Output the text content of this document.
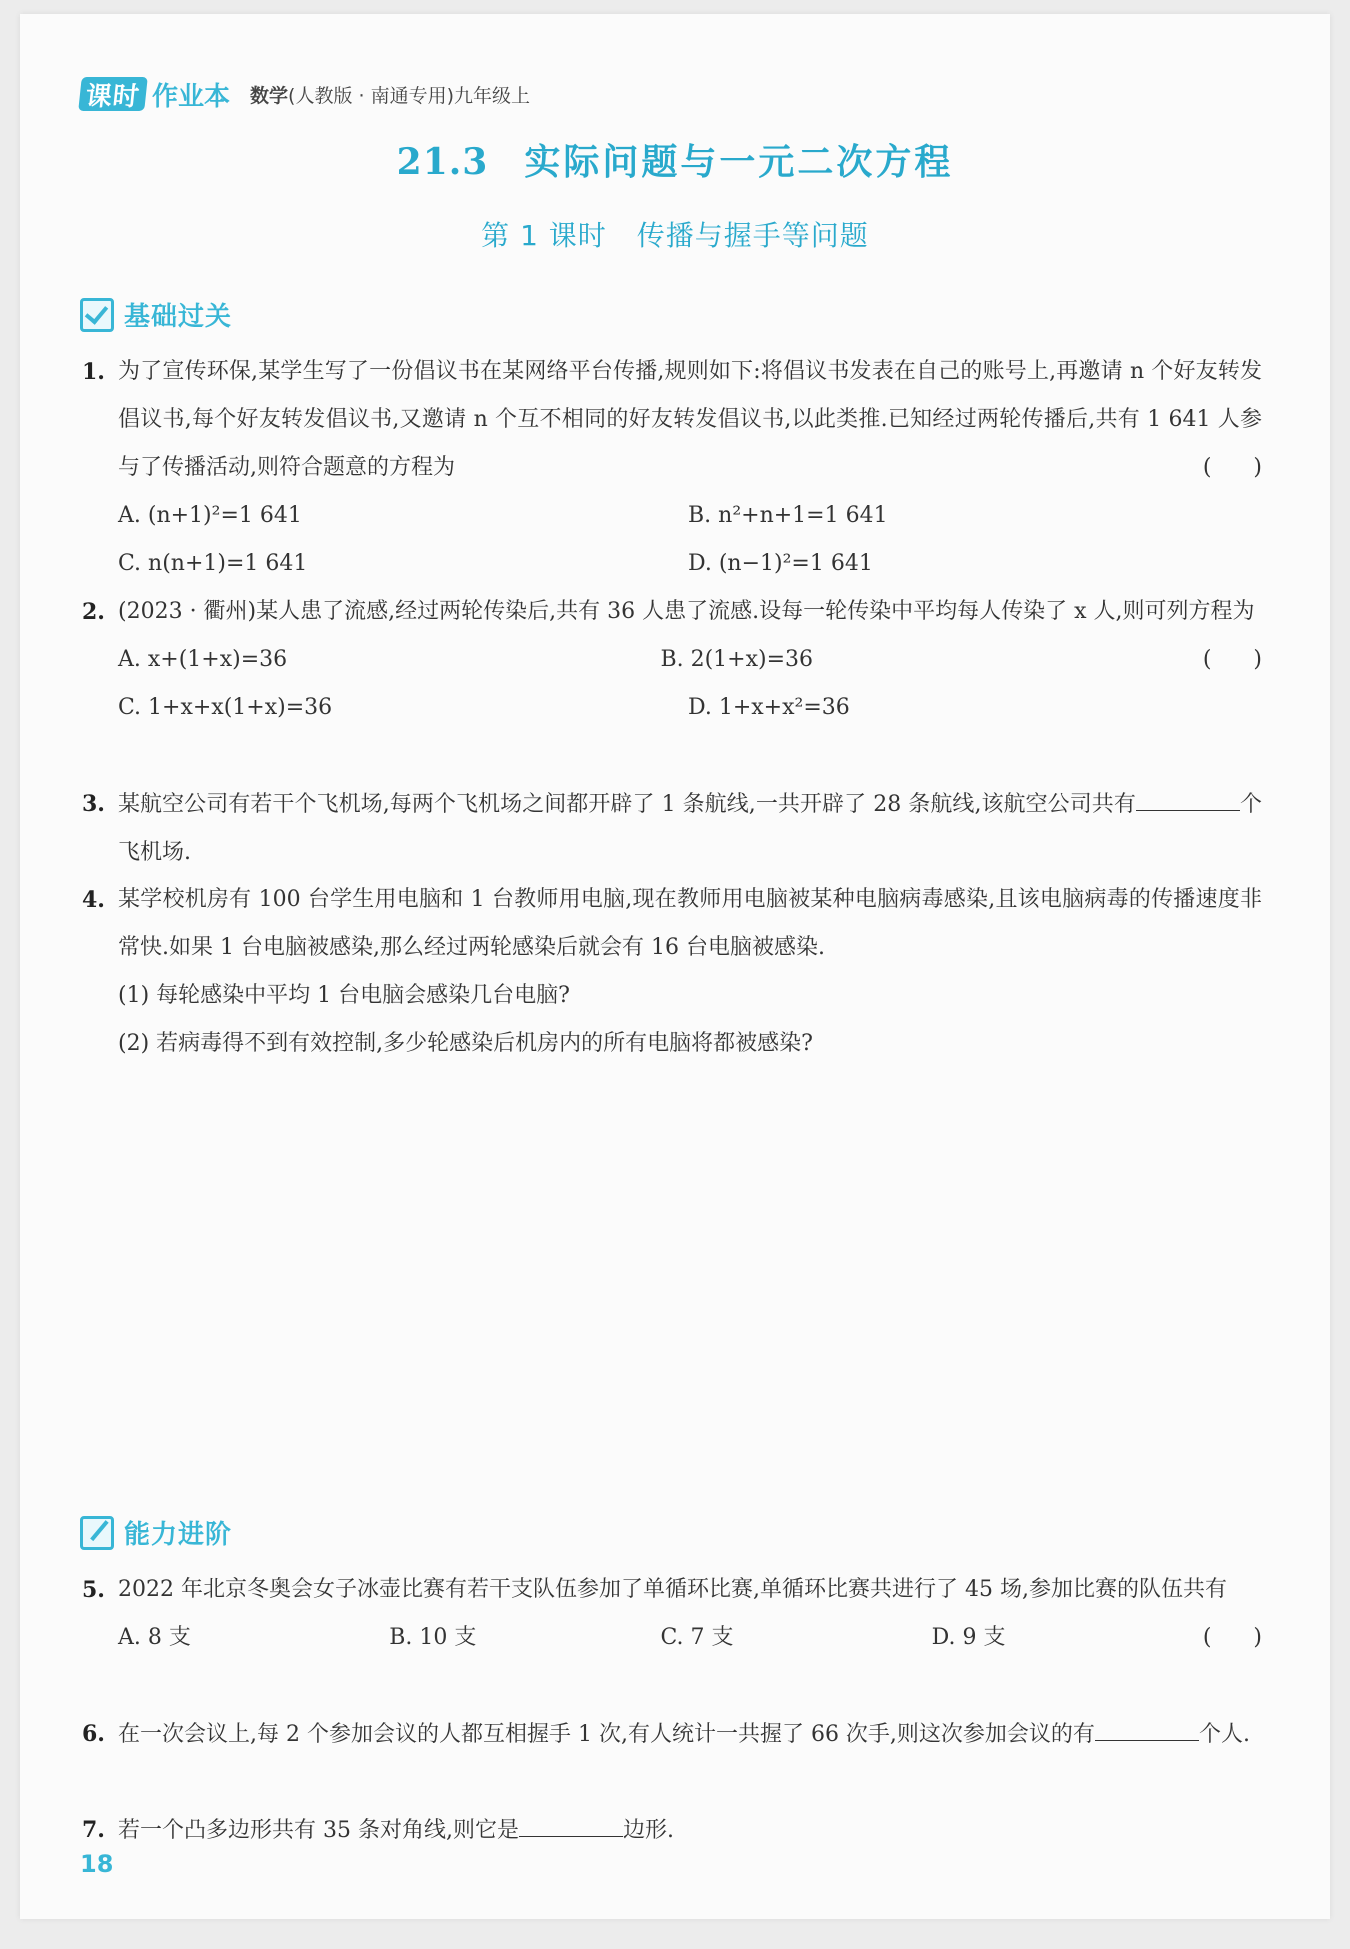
课时 作业本 数学(人教版 · 南通专用)九年级上
21.3 实际问题与一元二次方程
第 1 课时 传播与握手等问题
基础过关
1. 为了宣传环保,某学生写了一份倡议书在某网络平台传播,规则如下:将倡议书发表在自己的账号上,再邀请 n 个好友转发倡议书,每个好友转发倡议书,又邀请 n 个互不相同的好友转发倡议书,以此类推.已知经过两轮传播后,共有 1 641 人参与了传播活动,则符合题意的方程为	(      )
A. (n+1)²=1 641	B. n²+n+1=1 641
C. n(n+1)=1 641	D. (n−1)²=1 641
2. (2023 · 衢州)某人患了流感,经过两轮传染后,共有 36 人患了流感.设每一轮传染中平均每人传染了 x 人,则可列方程为
(      )
A. x+(1+x)=36	B. 2(1+x)=36
C. 1+x+x(1+x)=36	D. 1+x+x²=36
3. 某航空公司有若干个飞机场,每两个飞机场之间都开辟了 1 条航线,一共开辟了 28 条航线,该航空公司共有	个飞机场.
4. 某学校机房有 100 台学生用电脑和 1 台教师用电脑,现在教师用电脑被某种电脑病毒感染,且该电脑病毒的传播速度非常快.如果 1 台电脑被感染,那么经过两轮感染后就会有 16 台电脑被感染.
(1) 每轮感染中平均 1 台电脑会感染几台电脑?
(2) 若病毒得不到有效控制,多少轮感染后机房内的所有电脑将都被感染?
能力进阶
5. 2022 年北京冬奥会女子冰壶比赛有若干支队伍参加了单循环比赛,单循环比赛共进行了 45 场,参加比赛的队伍共有
(      )
A. 8 支	B. 10 支	C. 7 支	D. 9 支
6. 在一次会议上,每 2 个参加会议的人都互相握手 1 次,有人统计一共握了 66 次手,则这次参加会议的有	个人.
7. 若一个凸多边形共有 35 条对角线,则它是	边形.
18
